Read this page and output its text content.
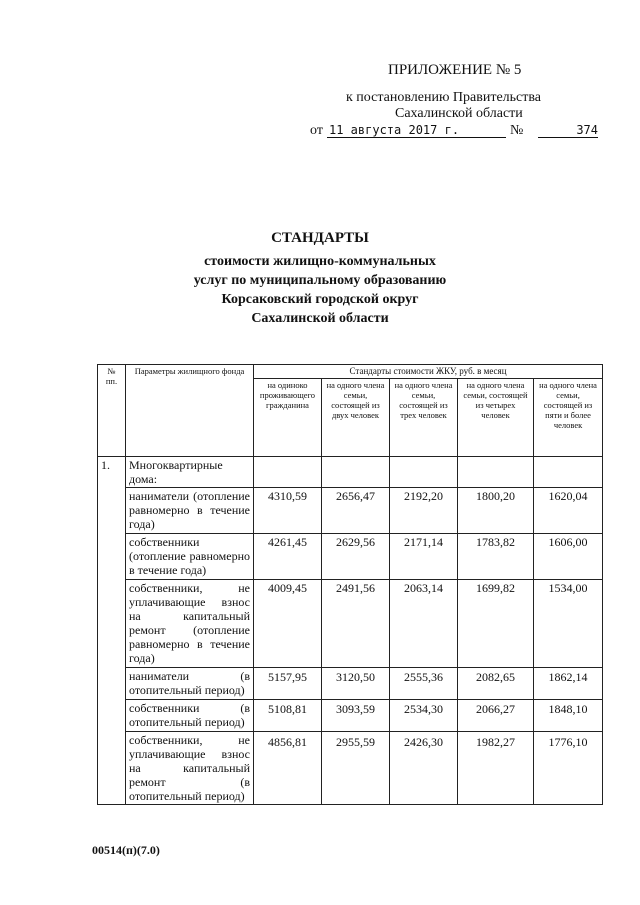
ПРИЛОЖЕНИЕ № 5
к постановлению Правительства
Сахалинской области
от 11 августа 2017 г.	№	374
СТАНДАРТЫ
стоимости жилищно-коммунальных
услуг по муниципальному образованию
Корсаковский городской округ
Сахалинской области
№ пп.	Параметры жилищного фонда	Стандарты стоимости ЖКУ, руб. в месяц				
		на одиноко проживающего гражданина	на одного члена семьи, состоящей из двух человек	на одного члена семьи, состоящей из трех человек	на одного члена семьи, состоящей из четырех человек	на одного члена семьи, состоящей из пяти и более человек
1.	Многоквартирные дома:					
	наниматели (отопление равномерно в течение года)	4310,59	2656,47	2192,20	1800,20	1620,04
	собственники (отопление равномерно в течение года)	4261,45	2629,56	2171,14	1783,82	1606,00
	собственники, не уплачивающие взнос на капитальный ремонт (отопление равномерно в течение года)	4009,45	2491,56	2063,14	1699,82	1534,00
	наниматели (в отопительный период)	5157,95	3120,50	2555,36	2082,65	1862,14
	собственники (в отопительный период)	5108,81	3093,59	2534,30	2066,27	1848,10
	собственники, не уплачивающие взнос на капитальный ремонт (в отопительный период)	4856,81	2955,59	2426,30	1982,27	1776,10
00514(п)(7.0)
